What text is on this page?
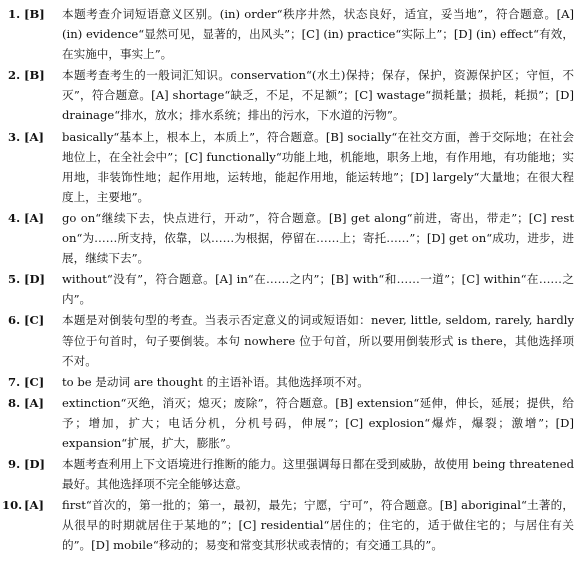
1. [B] 本题考查介词短语意义区别。(in) order“秩序井然，状态良好，适宜，妥当地”，符合题意。[A] (in) evidence“显然可见，显著的，出风头”；[C] (in) practice“实际上”；[D] (in) effect“有效，在实施中，事实上”。
2. [B] 本题考查考生的一般词汇知识。conservation“(水土)保持；保存，保护，资源保护区；守恒，不灭”，符合题意。[A] shortage“缺乏，不足，不足额”；[C] wastage“损耗量；损耗，耗损”；[D] drainage“排水，放水；排水系统；排出的污水，下水道的污物”。
3. [A] basically“基本上，根本上，本质上”，符合题意。[B] socially“在社交方面，善于交际地；在社会地位上，在全社会中”；[C] functionally“功能上地，机能地，职务上地，有作用地，有功能地；实用地，非装饰性地；起作用地，运转地，能起作用地，能运转地”；[D] largely“大量地；在很大程度上，主要地”。
4. [A] go on“继续下去，快点进行，开动”，符合题意。[B] get along“前进，寄出，带走”；[C] rest on“为……所支持，依靠，以……为根据，停留在……上；寄托……”；[D] get on“成功，进步，进展，继续下去”。
5. [D] without“没有”，符合题意。[A] in“在……之内”；[B] with“和……一道”；[C] within“在……之内”。
6. [C] 本题是对倒装句型的考查。当表示否定意义的词或短语如：never, little, seldom, rarely, hardly 等位于句首时，句子要倒装。本句 nowhere 位于句首，所以要用倒装形式 is there，其他选择项不对。
7. [C] to be 是动词 are thought 的主语补语。其他选择项不对。
8. [A] extinction“灭绝，消灭；熄灭；废除”，符合题意。[B] extension“延伸，伸长，延展；提供，给予；增加，扩大；电话分机，分机号码，伸展”；[C] explosion“爆炸，爆裂；激增”；[D] expansion“扩展，扩大，膨胀”。
9. [D] 本题考查利用上下文语境进行推断的能力。这里强调每日都在受到威胁，故使用 being threatened 最好。其他选择项不完全能够达意。
10. [A] first“首次的，第一批的；第一，最初，最先；宁愿，宁可”，符合题意。[B] aboriginal“土著的，从很早的时期就居住于某地的”；[C] residential“居住的；住宅的，适于做住宅的；与居住有关的”。[D] mobile“移动的；易变和常变其形状或表情的；有交通工具的”。
